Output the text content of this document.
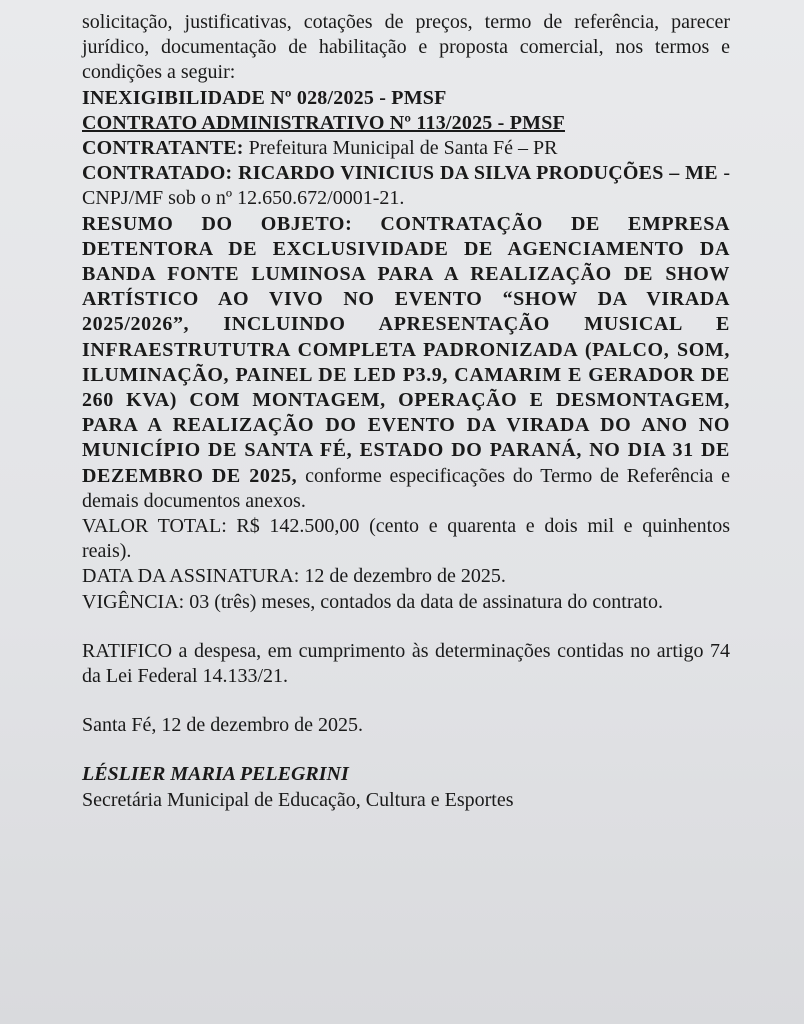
solicitação, justificativas, cotações de preços, termo de referência, parecer jurídico, documentação de habilitação e proposta comercial, nos termos e condições a seguir:

INEXIGIBILIDADE Nº 028/2025 - PMSF

CONTRATO ADMINISTRATIVO Nº 113/2025 - PMSF

CONTRATANTE: Prefeitura Municipal de Santa Fé – PR

CONTRATADO: RICARDO VINICIUS DA SILVA PRODUÇÕES – ME - CNPJ/MF sob o nº 12.650.672/0001-21.

RESUMO DO OBJETO: CONTRATAÇÃO DE EMPRESA DETENTORA DE EXCLUSIVIDADE DE AGENCIAMENTO DA BANDA FONTE LUMINOSA PARA A REALIZAÇÃO DE SHOW ARTÍSTICO AO VIVO NO EVENTO “SHOW DA VIRADA 2025/2026”, INCLUINDO APRESENTAÇÃO MUSICAL E INFRAESTRUTUTRA COMPLETA PADRONIZADA (PALCO, SOM, ILUMINAÇÃO, PAINEL DE LED P3.9, CAMARIM E GERADOR DE 260 KVA) COM MONTAGEM, OPERAÇÃO E DESMONTAGEM, PARA A REALIZAÇÃO DO EVENTO DA VIRADA DO ANO NO MUNICÍPIO DE SANTA FÉ, ESTADO DO PARANÁ, NO DIA 31 DE DEZEMBRO DE 2025, conforme especificações do Termo de Referência e demais documentos anexos.

VALOR TOTAL: R$ 142.500,00 (cento e quarenta e dois mil e quinhentos reais).

DATA DA ASSINATURA: 12 de dezembro de 2025.

VIGÊNCIA: 03 (três) meses, contados da data de assinatura do contrato.

RATIFICO a despesa, em cumprimento às determinações contidas no artigo 74 da Lei Federal 14.133/21.

Santa Fé, 12 de dezembro de 2025.

LÉSLIER MARIA PELEGRINI

Secretária Municipal de Educação, Cultura e Esportes
